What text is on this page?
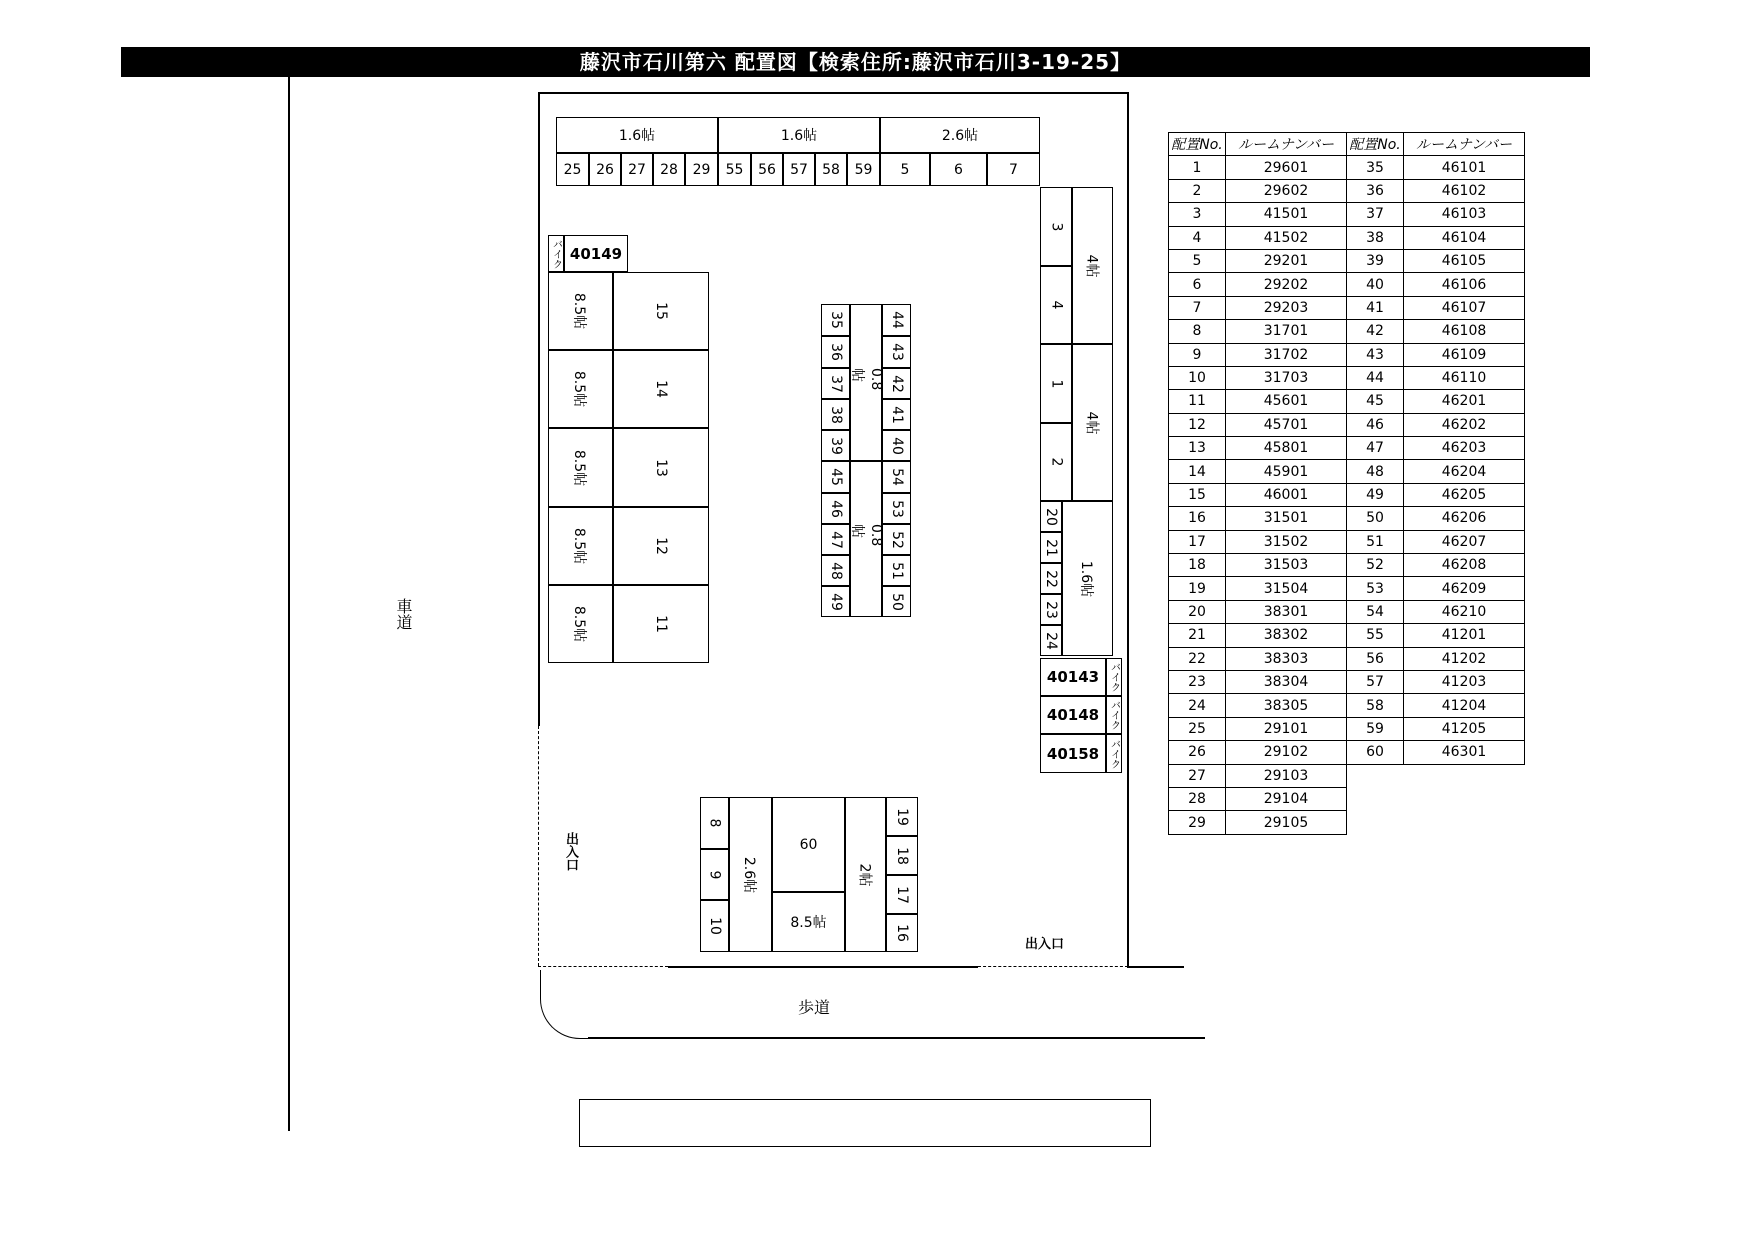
藤沢市石川第六 配置図【検索住所:藤沢市石川3-19-25】
車道
歩道
出入口
出入口
1.6帖	1.6帖	2.6帖
25	26	27	28	29	55	56	57	58	59	5	6	7
3
4
4帖
1
2
4帖
20
21
22
23
24
1.6帖
40143 バイク
40148 バイク
40158 バイク
バイク 40149
8.5帖	15
8.5帖	14
8.5帖	13
8.5帖	12
8.5帖	11
35
36
37
38
39
0.8帖
44
43
42
41
40
45
46
47
48
49
0.8帖
54
53
52
51
50
8
9
10
2.6帖
60
8.5帖
2帖
19
18
17
16
配置No.	ルームナンバー	配置No.	ルームナンバー
1	29601	35	46101
2	29602	36	46102
3	41501	37	46103
4	41502	38	46104
5	29201	39	46105
6	29202	40	46106
7	29203	41	46107
8	31701	42	46108
9	31702	43	46109
10	31703	44	46110
11	45601	45	46201
12	45701	46	46202
13	45801	47	46203
14	45901	48	46204
15	46001	49	46205
16	31501	50	46206
17	31502	51	46207
18	31503	52	46208
19	31504	53	46209
20	38301	54	46210
21	38302	55	41201
22	38303	56	41202
23	38304	57	41203
24	38305	58	41204
25	29101	59	41205
26	29102	60	46301
27	29103		
28	29104		
29	29105		
